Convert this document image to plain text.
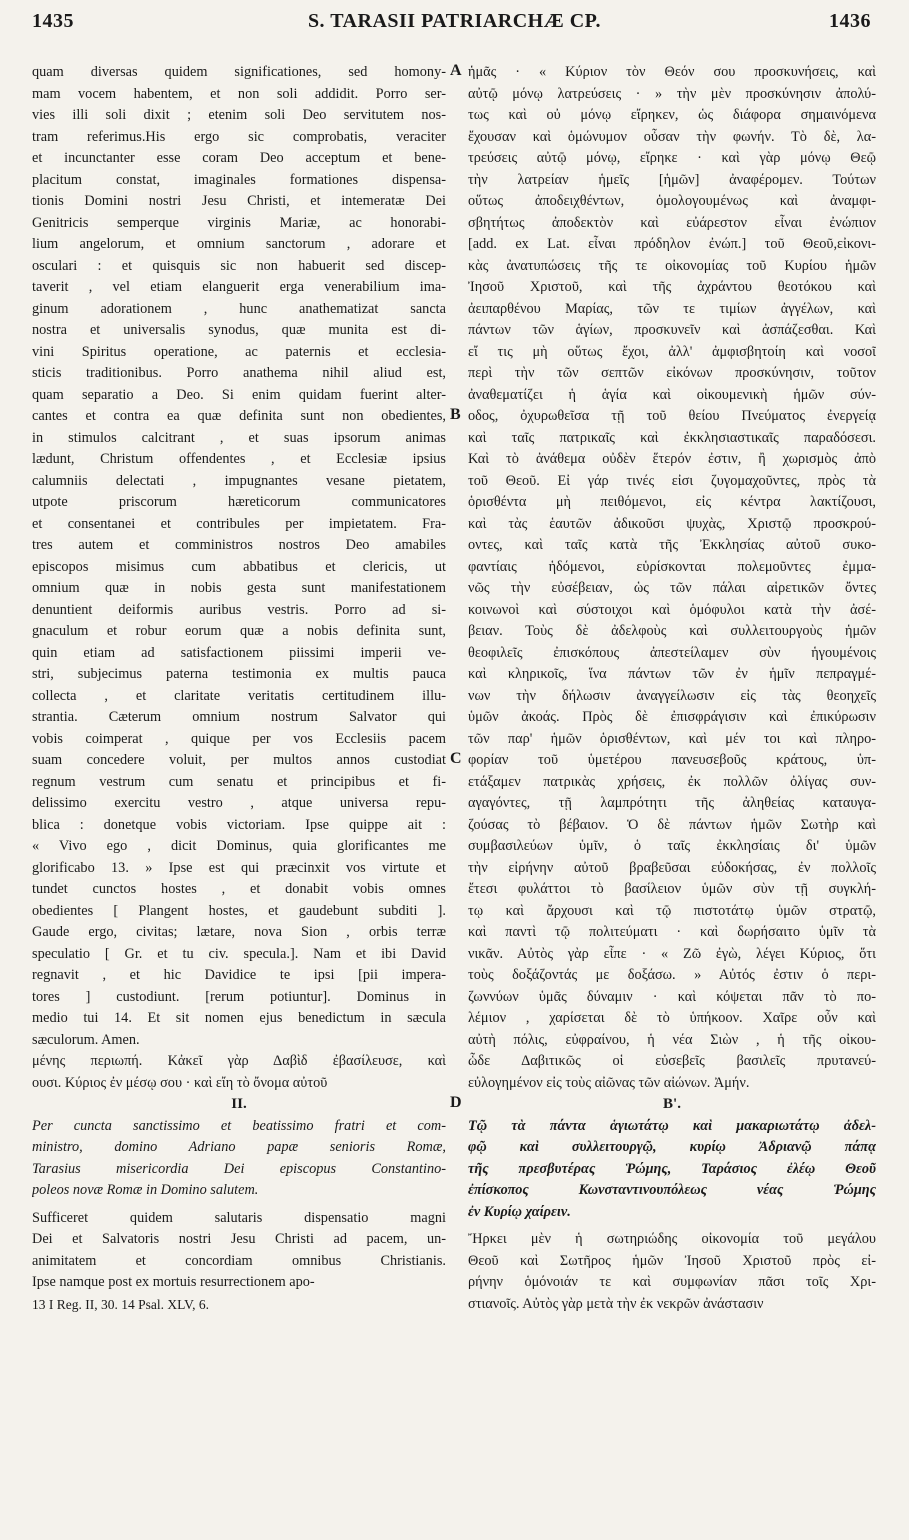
1435	S. TARASII PATRIARCHÆ CP.	1436
A
B
C
D
quam diversas quidem significationes, sed homony-
mam vocem habentem, et non soli addidit. Porro ser-
vies illi soli dixit ; etenim soli Deo servitutem nos-
tram referimus.His ergo sic comprobatis, veraciter
et incunctanter esse coram Deo acceptum et bene-
placitum constat, imaginales formationes dispensa-
tionis Domini nostri Jesu Christi, et intemeratæ Dei
Genitricis semperque virginis Mariæ, ac honorabi-
lium angelorum, et omnium sanctorum , adorare et
osculari : et quisquis sic non habuerit sed discep-
taverit , vel etiam elanguerit erga venerabilium ima-
ginum adorationem , hunc anathematizat sancta
nostra et universalis synodus, quæ munita est di-
vini Spiritus operatione, ac paternis et ecclesia-
sticis traditionibus. Porro anathema nihil aliud est,
quam separatio a Deo. Si enim quidam fuerint alter-
cantes et contra ea quæ definita sunt non obedientes,
in stimulos calcitrant , et suas ipsorum animas
lædunt, Christum offendentes , et Ecclesiæ ipsius
calumniis delectati , impugnantes vesane pietatem,
utpote priscorum hæreticorum communicatores
et consentanei et contribules per impietatem. Fra-
tres autem et comministros nostros Deo amabiles
episcopos misimus cum abbatibus et clericis, ut
omnium quæ in nobis gesta sunt manifestationem
denuntient deiformis auribus vestris. Porro ad si-
gnaculum et robur eorum quæ a nobis definita sunt,
quin etiam ad satisfactionem piissimi imperii ve-
stri, subjecimus paterna testimonia ex multis pauca
collecta , et claritate veritatis certitudinem illu-
strantia. Cæterum omnium nostrum Salvator qui
vobis coimperat , quique per vos Ecclesiis pacem
suam concedere voluit, per multos annos custodiat
regnum vestrum cum senatu et principibus et fi-
delissimo exercitu vestro , atque universa repu-
blica : donetque vobis victoriam. Ipse quippe ait :
« Vivo ego , dicit Dominus, quia glorificantes me
glorificabo 13. » Ipse est qui præcinxit vos virtute et
tundet cunctos hostes , et donabit vobis omnes
obedientes [ Plangent hostes, et gaudebunt subditi ].
Gaude ergo, civitas; lætare, nova Sion , orbis terræ
speculatio [ Gr. et tu civ. specula.]. Nam et ibi David
regnavit , et hic Davidice te ipsi [pii impera-
tores ] custodiunt. [rerum potiuntur]. Dominus in
medio tui 14. Et sit nomen ejus benedictum in sæcula
sæculorum. Amen.
μένης περιωπή. Κἀκεῖ γὰρ Δαβὶδ ἐβασίλευσε, καὶ
ουσι. Κύριος ἐν μέσῳ σου · καὶ εἴη τὸ ὄνομα αὐτοῦ
II.
Per cuncta sanctissimo et beatissimo fratri et com-
ministro, domino Adriano papæ senioris Romæ,
Tarasius misericordia Dei episcopus Constantino-
poleos novæ Romæ in Domino salutem.
Sufficeret quidem salutaris dispensatio magni
Dei et Salvatoris nostri Jesu Christi ad pacem, un-
animitatem et concordiam omnibus Christianis.
Ipse namque post ex mortuis resurrectionem apo-
13 I Reg. II, 30. 14 Psal. XLV, 6.
ἡμᾶς · « Κύριον τὸν Θεόν σου προσκυνήσεις, καὶ
αὐτῷ μόνῳ λατρεύσεις · » τὴν μὲν προσκύνησιν ἀπολύ-
τως καὶ οὐ μόνῳ εἴρηκεν, ὡς διάφορα σημαινόμενα
ἔχουσαν καὶ ὁμώνυμον οὖσαν τὴν φωνήν. Τὸ δὲ, λα-
τρεύσεις αὐτῷ μόνῳ, εἴρηκε · καὶ γὰρ μόνῳ Θεῷ
τὴν λατρείαν ἡμεῖς [ἡμῶν] ἀναφέρομεν. Τούτων
οὕτως ἀποδειχθέντων, ὁμολογουμένως καὶ ἀναμφι-
σβητήτως ἀποδεκτὸν καὶ εὐάρεστον εἶναι ἐνώπιον
[add. ex Lat. εἶναι πρόδηλον ἐνώπ.] τοῦ Θεοῦ,εἰκονι-
κὰς ἀνατυπώσεις τῆς τε οἰκονομίας τοῦ Κυρίου ἡμῶν
Ἰησοῦ Χριστοῦ, καὶ τῆς ἀχράντου θεοτόκου καὶ
ἀειπαρθένου Μαρίας, τῶν τε τιμίων ἀγγέλων, καὶ
πάντων τῶν ἁγίων, προσκυνεῖν καὶ ἀσπάζεσθαι. Καὶ
εἴ τις μὴ οὕτως ἔχοι, ἀλλ' ἀμφισβητοίη καὶ νοσοῖ
περὶ τὴν τῶν σεπτῶν εἰκόνων προσκύνησιν, τοῦτον
ἀναθεματίζει ἡ ἁγία καὶ οἰκουμενικὴ ἡμῶν σύν-
οδος, ὀχυρωθεῖσα τῇ τοῦ θείου Πνεύματος ἐνεργείᾳ
καὶ ταῖς πατρικαῖς καὶ ἐκκλησιαστικαῖς παραδόσεσι.
Καὶ τὸ ἀνάθεμα οὐδὲν ἕτερόν ἐστιν, ἢ χωρισμὸς ἀπὸ
τοῦ Θεοῦ. Εἰ γάρ τινές εἰσι ζυγομαχοῦντες, πρὸς τὰ
ὁρισθέντα μὴ πειθόμενοι, εἰς κέντρα λακτίζουσι,
καὶ τὰς ἑαυτῶν ἀδικοῦσι ψυχὰς, Χριστῷ προσκρού-
οντες, καὶ ταῖς κατὰ τῆς Ἐκκλησίας αὐτοῦ συκο-
φαντίαις ἡδόμενοι, εὑρίσκονται πολεμοῦντες ἐμμα-
νῶς τὴν εὐσέβειαν, ὡς τῶν πάλαι αἱρετικῶν ὄντες
κοινωνοὶ καὶ σύστοιχοι καὶ ὁμόφυλοι κατὰ τὴν ἀσέ-
βειαν. Τοὺς δὲ ἀδελφοὺς καὶ συλλειτουργοὺς ἡμῶν
θεοφιλεῖς ἐπισκόπους ἀπεστείλαμεν σὺν ἡγουμένοις
καὶ κληρικοῖς, ἵνα πάντων τῶν ἐν ἡμῖν πεπραγμέ-
νων τὴν δήλωσιν ἀναγγείλωσιν εἰς τὰς θεοηχεῖς
ὑμῶν ἀκοάς. Πρὸς δὲ ἐπισφράγισιν καὶ ἐπικύρωσιν
τῶν παρ' ἡμῶν ὁρισθέντων, καὶ μέν τοι καὶ πληρο-
φορίαν τοῦ ὑμετέρου πανευσεβοῦς κράτους, ὑπ-
ετάξαμεν πατρικὰς χρήσεις, ἐκ πολλῶν ὀλίγας συν-
αγαγόντες, τῇ λαμπρότητι τῆς ἀληθείας καταυγα-
ζούσας τὸ βέβαιον. Ὁ δὲ πάντων ἡμῶν Σωτὴρ καὶ
συμβασιλεύων ὑμῖν, ὁ ταῖς ἐκκλησίαις δι' ὑμῶν
τὴν εἰρήνην αὐτοῦ βραβεῦσαι εὐδοκήσας, ἐν πολλοῖς
ἔτεσι φυλάττοι τὸ βασίλειον ὑμῶν σὺν τῇ συγκλή-
τῳ καὶ ἄρχουσι καὶ τῷ πιστοτάτῳ ὑμῶν στρατῷ,
καὶ παντὶ τῷ πολιτεύματι · καὶ δωρήσαιτο ὑμῖν τὰ
νικᾶν. Αὐτὸς γὰρ εἶπε · « Ζῶ ἐγὼ, λέγει Κύριος, ὅτι
τοὺς δοξάζοντάς με δοξάσω. » Αὐτός ἐστιν ὁ περι-
ζωννύων ὑμᾶς δύναμιν · καὶ κόψεται πᾶν τὸ πο-
λέμιον , χαρίσεται δὲ τὸ ὑπήκοον. Χαῖρε οὖν καὶ
αὐτὴ πόλις, εὐφραίνου, ἡ νέα Σιὼν , ἡ τῆς οἰκου-
ὧδε Δαβιτικῶς οἱ εὐσεβεῖς βασιλεῖς πρυτανεύ-
εὐλογημένον εἰς τοὺς αἰῶνας τῶν αἰώνων. Ἀμήν.
Β'.
Τῷ τὰ πάντα ἁγιωτάτῳ καὶ μακαριωτάτῳ ἀδελ-
φῷ καὶ συλλειτουργῷ, κυρίῳ Ἀδριανῷ πάπᾳ
τῆς πρεσβυτέρας Ῥώμης, Ταράσιος ἐλέῳ Θεοῦ
ἐπίσκοπος Κωνσταντινουπόλεως νέας Ῥώμης
ἐν Κυρίῳ χαίρειν.
Ἤρκει μὲν ἡ σωτηριώδης οἰκονομία τοῦ μεγάλου
Θεοῦ καὶ Σωτῆρος ἡμῶν Ἰησοῦ Χριστοῦ πρὸς εἰ-
ρήνην ὁμόνοιάν τε καὶ συμφωνίαν πᾶσι τοῖς Χρι-
στιανοῖς. Αὐτὸς γὰρ μετὰ τὴν ἐκ νεκρῶν ἀνάστασιν
